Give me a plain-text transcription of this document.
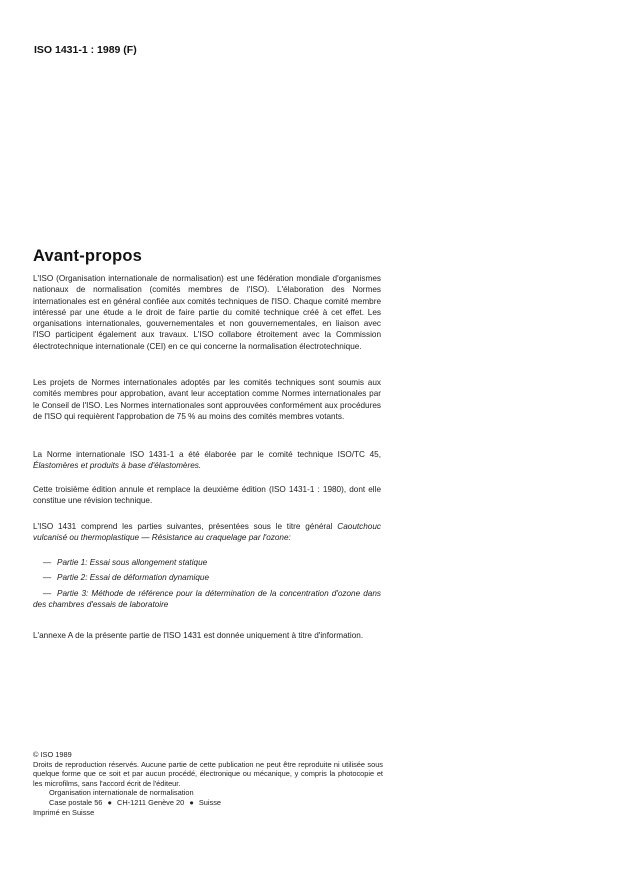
ISO 1431-1 : 1989 (F)
Avant-propos

L'ISO (Organisation internationale de normalisation) est une fédération mondiale d'organismes nationaux de normalisation (comités membres de l'ISO). L'élaboration des Normes internationales est en général confiée aux comités techniques de l'ISO. Chaque comité membre intéressé par une étude a le droit de faire partie du comité technique créé à cet effet. Les organisations internationales, gouvernementales et non gouvernementales, en liaison avec l'ISO participent également aux travaux. L'ISO collabore étroitement avec la Commission électrotechnique internationale (CEI) en ce qui concerne la normalisation électrotechnique.

Les projets de Normes internationales adoptés par les comités techniques sont soumis aux comités membres pour approbation, avant leur acceptation comme Normes internationales par le Conseil de l'ISO. Les Normes internationales sont approuvées conformément aux procédures de l'ISO qui requièrent l'approbation de 75 % au moins des comités membres votants.

La Norme internationale ISO 1431-1 a été élaborée par le comité technique ISO/TC 45, Élastomères et produits à base d'élastomères.

Cette troisième édition annule et remplace la deuxième édition (ISO 1431-1 : 1980), dont elle constitue une révision technique.

L'ISO 1431 comprend les parties suivantes, présentées sous le titre général Caoutchouc vulcanisé ou thermoplastique — Résistance au craquelage par l'ozone:

— Partie 1: Essai sous allongement statique
— Partie 2: Essai de déformation dynamique
— Partie 3: Méthode de référence pour la détermination de la concentration d'ozone dans des chambres d'essais de laboratoire

L'annexe A de la présente partie de l'ISO 1431 est donnée uniquement à titre d'information.

© ISO 1989
Droits de reproduction réservés. Aucune partie de cette publication ne peut être reproduite ni utilisée sous quelque forme que ce soit et par aucun procédé, électronique ou mécanique, y compris la photocopie et les microfilms, sans l'accord écrit de l'éditeur.
Organisation internationale de normalisation
Case postale 56 ● CH-1211 Genève 20 ● Suisse
Imprimé en Suisse
